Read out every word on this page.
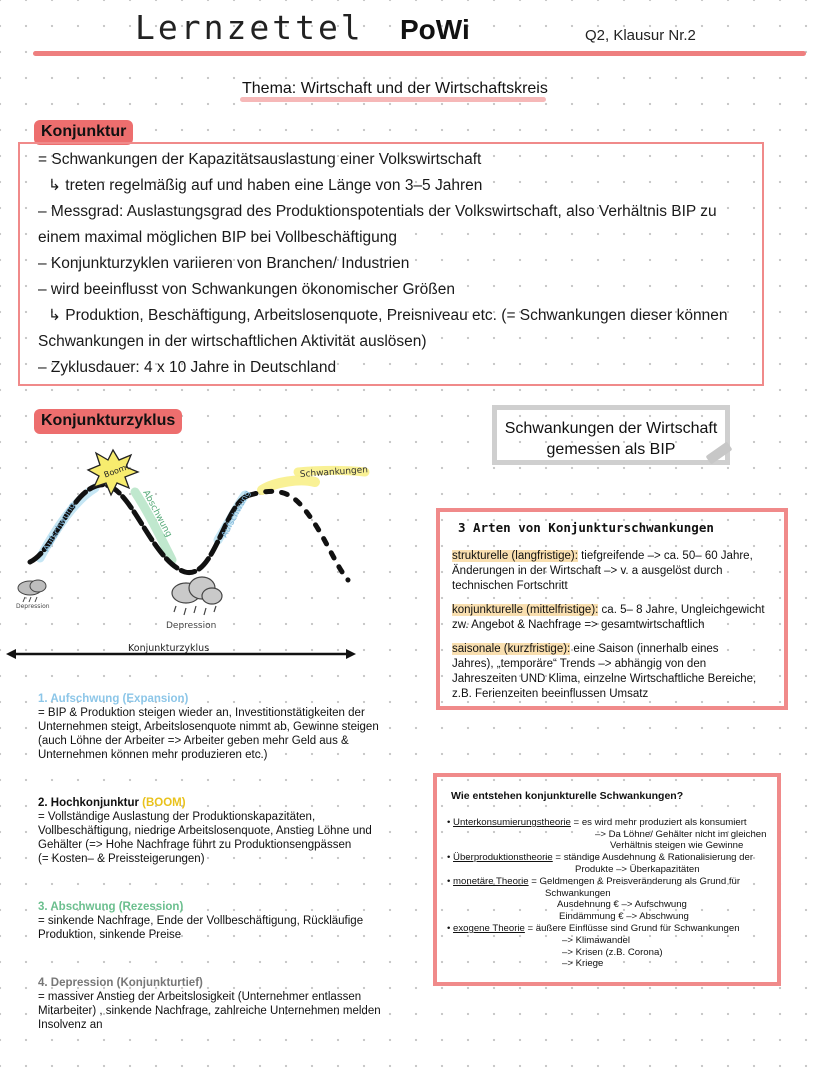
Lernzettel PoWi	Q2, Klausur Nr.2
Thema: Wirtschaft und der Wirtschaftskreis
Konjunktur
= Schwankungen der Kapazitätsauslastung einer Volkswirtschaft
↳ treten regelmäßig auf und haben eine Länge von 3–5 Jahren
– Messgrad: Auslastungsgrad des Produktionspotentials der Volkswirtschaft, also Verhältnis BIP zu
einem maximal möglichen BIP bei Vollbeschäftigung
– Konjunkturzyklen variieren von Branchen/ Industrien
– wird beeinflusst von Schwankungen ökonomischer Größen
↳ Produktion, Beschäftigung, Arbeitslosenquote, Preisniveau etc. (= Schwankungen dieser können
Schwankungen in der wirtschaftlichen Aktivität auslösen)
– Zyklusdauer: 4 x 10 Jahre in Deutschland
Konjunkturzyklus	Schwankungen der Wirtschaft
gemessen als BIP
Boom!
Aufschwung	Abschwung	Aufschwung
Schwankungen
Depression
Depression
Konjunkturzyklus
3 Arten von Konjunkturschwankungen
strukturelle (langfristige): tiefgreifende –> ca. 50– 60 Jahre,
Änderungen in der Wirtschaft –> v. a ausgelöst durch
technischen Fortschritt
konjunkturelle (mittelfristige): ca. 5– 8 Jahre, Ungleichgewicht
zw. Angebot & Nachfrage => gesamtwirtschaftlich
saisonale (kurzfristige): eine Saison (innerhalb eines
Jahres), „temporäre“ Trends –> abhängig von den
Jahreszeiten UND Klima, einzelne Wirtschaftliche Bereiche,
z.B. Ferienzeiten beeinflussen Umsatz
Wie entstehen konjunkturelle Schwankungen?
• Unterkonsumierungstheorie = es wird mehr produziert als konsumiert
–> Da Löhne/ Gehälter nicht im gleichen
Verhältnis steigen wie Gewinne
• Überproduktionstheorie = ständige Ausdehnung & Rationalisierung der
Produkte –> Überkapazitäten
• monetäre Theorie = Geldmengen & Preisveränderung als Grund für
Schwankungen
Ausdehnung € –> Aufschwung
Eindämmung € –> Abschwung
• exogene Theorie = äußere Einflüsse sind Grund für Schwankungen
–> Klimawandel
–> Krisen (z.B. Corona)
–> Kriege
1. Aufschwung (Expansion)
= BIP & Produktion steigen wieder an, Investitionstätigkeiten der
Unternehmen steigt, Arbeitslosenquote nimmt ab, Gewinne steigen
(auch Löhne der Arbeiter => Arbeiter geben mehr Geld aus &
Unternehmen können mehr produzieren etc.)
2. Hochkonjunktur (BOOM)
= Vollständige Auslastung der Produktionskapazitäten,
Vollbeschäftigung, niedrige Arbeitslosenquote, Anstieg Löhne und
Gehälter (=> Hohe Nachfrage führt zu Produktionsengpässen
(= Kosten– & Preissteigerungen)
3. Abschwung (Rezession)
= sinkende Nachfrage, Ende der Vollbeschäftigung, Rückläufige
Produktion, sinkende Preise
4. Depression (Konjunkturtief)
= massiver Anstieg der Arbeitslosigkeit (Unternehmer entlassen
Mitarbeiter) , sinkende Nachfrage, zahlreiche Unternehmen melden
Insolvenz an
